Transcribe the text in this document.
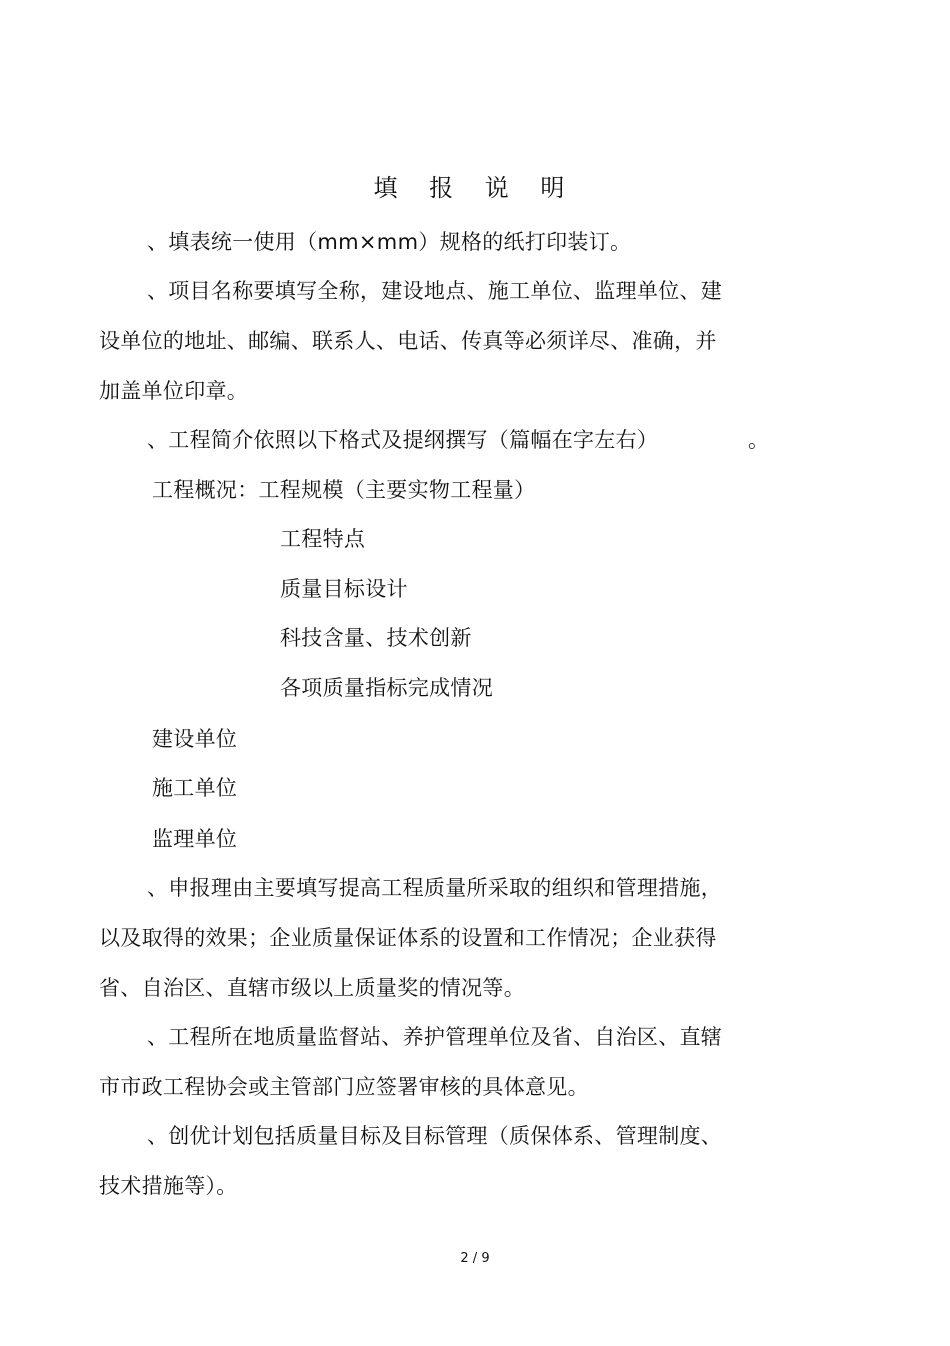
填 报 说 明
、填表统一使用（mm×mm）规格的纸打印装订。
、项目名称要填写全称，建设地点、施工单位、监理单位、建
设单位的地址、邮编、联系人、电话、传真等必须详尽、准确，并
加盖单位印章。
、工程简介依照以下格式及提纲撰写（篇幅在字左右）	。
工程概况：工程规模（主要实物工程量）
工程特点
质量目标设计
科技含量、技术创新
各项质量指标完成情况
建设单位
施工单位
监理单位
、申报理由主要填写提高工程质量所采取的组织和管理措施，
以及取得的效果；企业质量保证体系的设置和工作情况；企业获得
省、自治区、直辖市级以上质量奖的情况等。
、工程所在地质量监督站、养护管理单位及省、自治区、直辖
市市政工程协会或主管部门应签署审核的具体意见。
、创优计划包括质量目标及目标管理（质保体系、管理制度、
技术措施等）。
2 / 9
